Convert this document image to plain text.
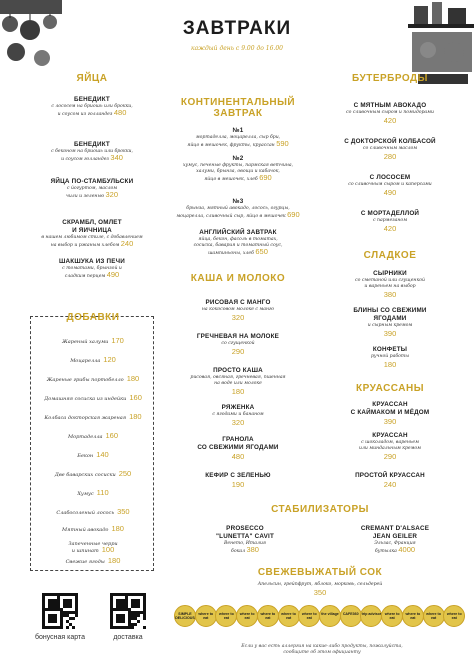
ЗАВТРАКИ
каждый день с 9.00 до 16.00
ЯЙЦА
БЕНЕДИКТ
с лососем на бриошь или брокки,
и соусом из голландез 480
БЕНЕДИКТ
с беконом на бриошь или брокки,
и соусом голландез 340
ЯЙЦА ПО-СТАМБУЛЬСКИ
с йогуртом, маслом
чили и зеленью 320
СКРАМБЛ, ОМЛЕТ
И ЯИЧНИЦА
в нашем любимом стиле, с добавлением
на выбор и ржаным хлебом 240
ШАКШУКА ИЗ ПЕЧИ
с томатами, брынзой и
сладким перцем 490
ДОБАВКИ
Жареный халуми 170
Моцарелла 120
Жареные грибы портобелло 180
Домашняя сосиска из индейки 160
Колбаса докторская жареная 180
Мортаделла 160
Бекон 140
Две баварских сосиски 250
Хумус 110
Слабосоленый лосось 350
Мятный авокадо 180
Запеченные черри
и шпинат 100
Свежие ягоды 180
бонусная карта	доставка
КОНТИНЕНТАЛЬНЫЙ
ЗАВТРАК
№1
мортаделла, моцарелла, сыр бри,
яйцо в мешочек, фрукты, круассан 590
№2
хумус, печеные фрукты, пармская ветчина,
халуми, брынза, овощи и кабачок,
яйцо в мешочек, хлеб 690
№3
брынза, мятный авокадо, лосось, огурцы,
моцарелла, сливочный сыр, яйцо в мешочек 690
АНГЛИЙСКИЙ ЗАВТРАК
яйца, бекон, фасоль в томатах,
сосиска, бавария и томатный соус,
шампиньоны, хлеб 650
КАША И МОЛОКО
РИСОВАЯ С МАНГО
на кокосовом молоке с манго
320
ГРЕЧНЕВАЯ НА МОЛОКЕ
со сгущенкой
290
ПРОСТО КАША
рисовая, овсяная, гречневая, пшенная
на воде или молоке
180
РЯЖЕНКА
с ягодами и бананом
320
ГРАНОЛА
СО СВЕЖИМИ ЯГОДАМИ
480
КЕФИР С ЗЕЛЕНЬЮ
190
БУТЕРБРОДЫ
С МЯТНЫМ АВОКАДО
со сливочным сыром и помидорами
420
С ДОКТОРСКОЙ КОЛБАСОЙ
со сливочным маслом
280
С ЛОСОСЕМ
со сливочным сыром и каперсами
490
С МОРТАДЕЛЛОЙ
с пармезаном
420
СЛАДКОЕ
СЫРНИКИ
со сметаной или сгущенкой
и вареньем на выбор
380
БЛИНЫ СО СВЕЖИМИ
ЯГОДАМИ
и сырным кремом
390
КОНФЕТЫ
ручной работы
180
КРУАССАНЫ
КРУАССАН
С КАЙМАКОМ И МЁДОМ
390
КРУАССАН
с шоколадом, вареньем
или миндальным кремом
290
ПРОСТОЙ КРУАССАН
240
СТАБИЛИЗАТОРЫ
PROSECCO
"LUNETTA" CAVIT
Венето, Италия
бокал 380
CREMANT D'ALSACE
JEAN GEILER
Эльзас, Франция
бутылка 4000
СВЕЖЕВЫЖАТЫЙ СОК
Апельсин, грейпфрут, яблоко, морковь, сельдерей
350
SIMPLE DELICIOUS
where to eat
where to eat
where to eat
where to eat
where to eat
where to eat
the village	CAFE360 trip advisor where to eat
where to eat
where to eat
where to eat
Если у вас есть аллергия на какие-либо продукты, пожалуйста,
сообщите об этом официанту
